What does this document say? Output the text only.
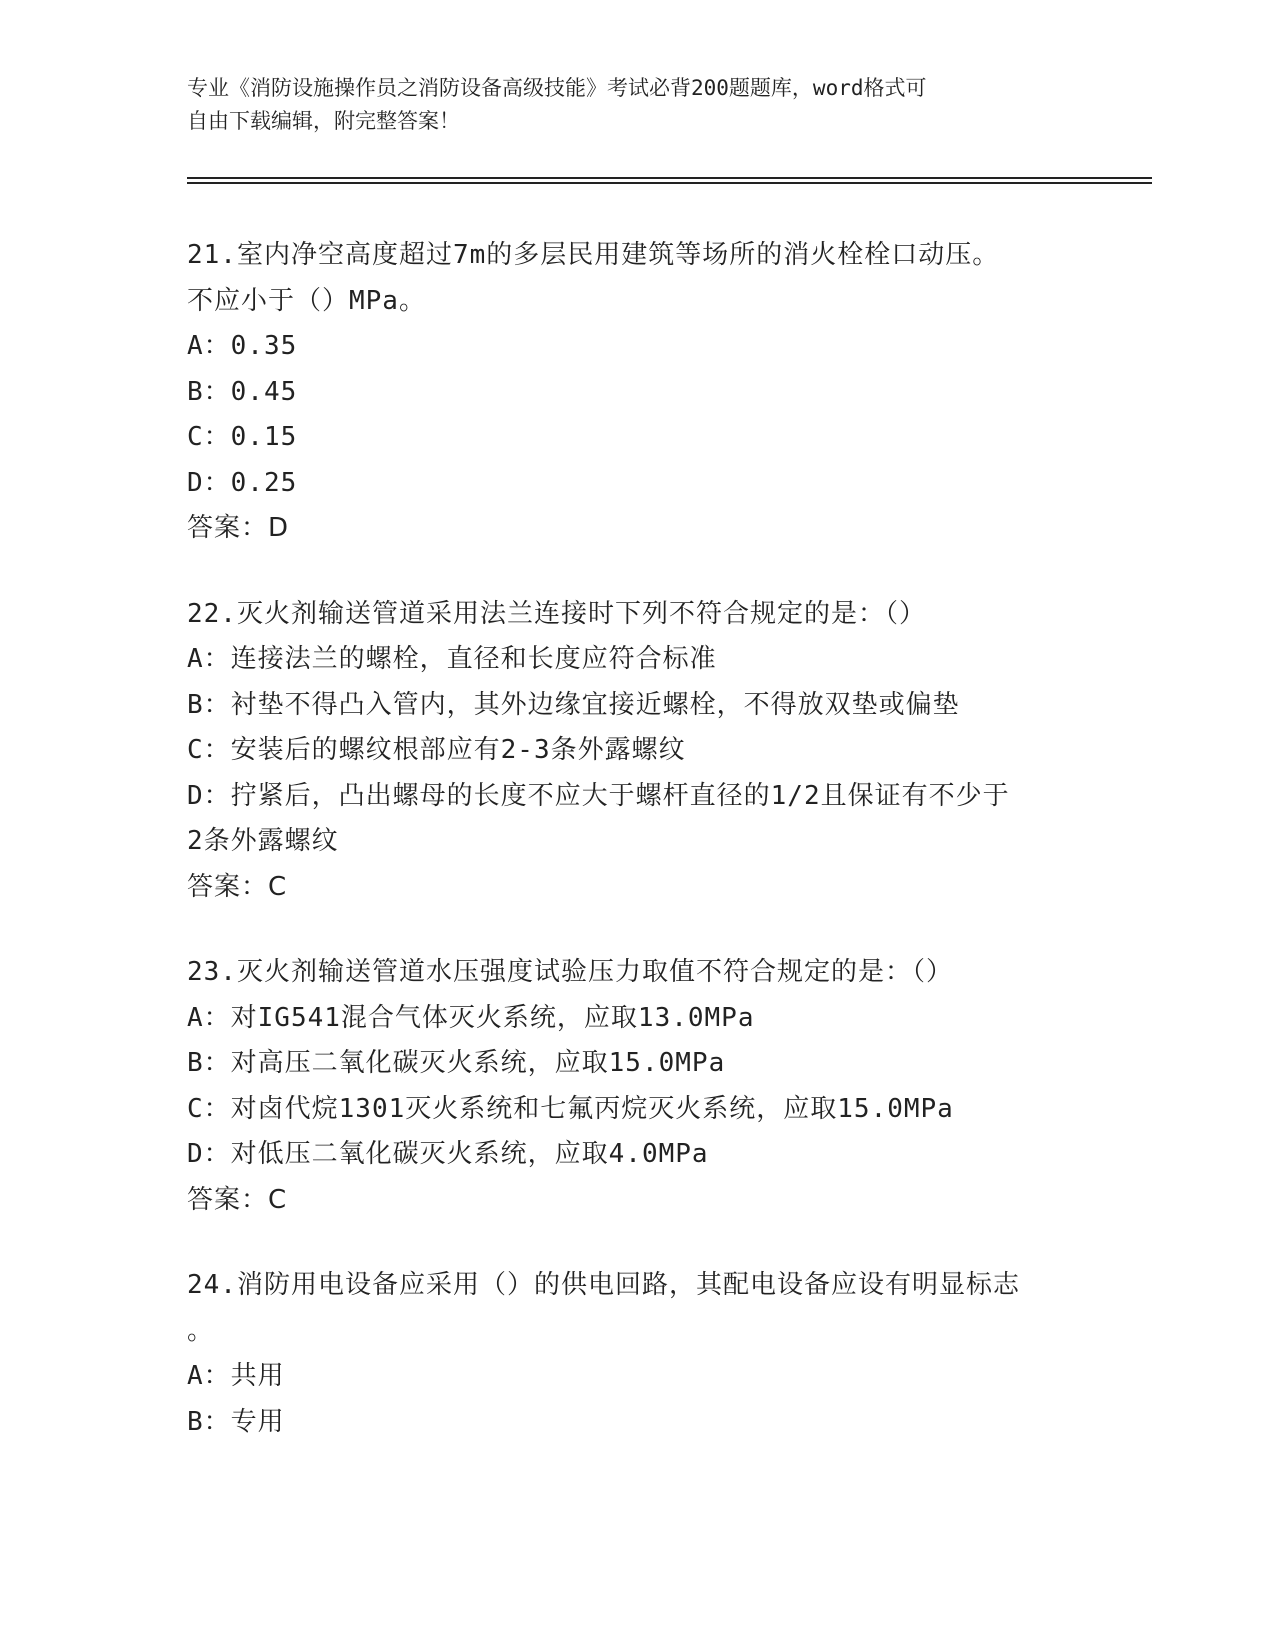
专业《消防设施操作员之消防设备高级技能》考试必背200题题库，word格式可
自由下载编辑，附完整答案！
21.室内净空高度超过7m的多层民用建筑等场所的消火栓栓口动压。
不应小于（）MPa。
A：0.35
B：0.45
C：0.15
D：0.25
答案：D
22.灭火剂输送管道采用法兰连接时下列不符合规定的是：（）
A：连接法兰的螺栓，直径和长度应符合标准
B：衬垫不得凸入管内，其外边缘宜接近螺栓，不得放双垫或偏垫
C：安装后的螺纹根部应有2-3条外露螺纹
D：拧紧后，凸出螺母的长度不应大于螺杆直径的1/2且保证有不少于
2条外露螺纹
答案：C
23.灭火剂输送管道水压强度试验压力取值不符合规定的是：（）
A：对IG541混合气体灭火系统，应取13.0MPa
B：对高压二氧化碳灭火系统，应取15.0MPa
C：对卤代烷1301灭火系统和七氟丙烷灭火系统，应取15.0MPa
D：对低压二氧化碳灭火系统，应取4.0MPa
答案：C
24.消防用电设备应采用（）的供电回路，其配电设备应设有明显标志
。
A：共用
B：专用
